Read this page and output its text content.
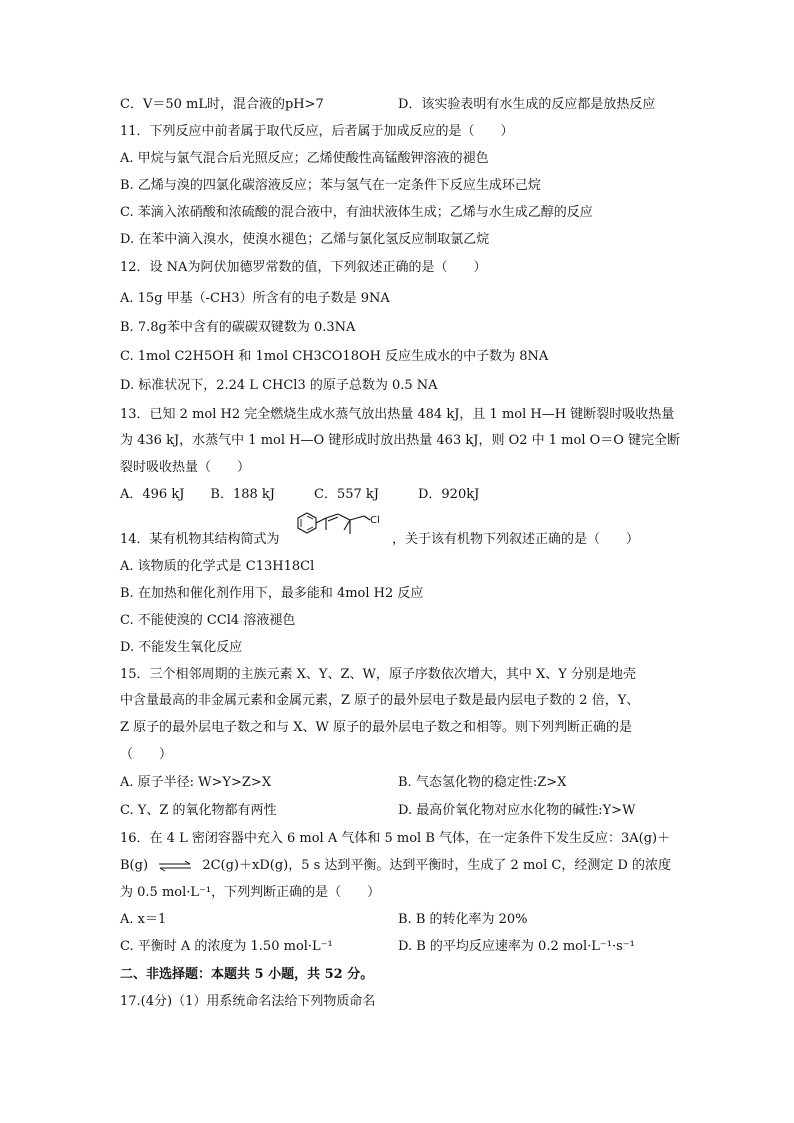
C．V＝50 mL时，混合液的pH>7	D．该实验表明有水生成的反应都是放热反应
11．下列反应中前者属于取代反应，后者属于加成反应的是（　　）
A. 甲烷与氯气混合后光照反应；乙烯使酸性高锰酸钾溶液的褪色
B. 乙烯与溴的四氯化碳溶液反应；苯与氢气在一定条件下反应生成环己烷
C. 苯滴入浓硝酸和浓硫酸的混合液中，有油状液体生成；乙烯与水生成乙醇的反应
D. 在苯中滴入溴水，使溴水褪色；乙烯与氯化氢反应制取氯乙烷
12．设 NA为阿伏加德罗常数的值，下列叙述正确的是（　　）
A. 15g 甲基（-CH3）所含有的电子数是 9NA
B. 7.8g苯中含有的碳碳双键数为 0.3NA
C. 1mol C2H5OH 和 1mol CH3CO18OH 反应生成水的中子数为 8NA
D. 标准状况下，2.24 L CHCl3 的原子总数为 0.5 NA
13．已知 2 mol H2 完全燃烧生成水蒸气放出热量 484 kJ，且 1 mol H—H 键断裂时吸收热量
为 436 kJ，水蒸气中 1 mol H—O 键形成时放出热量 463 kJ，则 O2 中 1 mol O＝O 键完全断
裂时吸收热量（　　）
A．496 kJ　　B．188 kJ　　　C．557 kJ　　　D．920kJ
14．某有机物其结构简式为
Cl
，关于该有机物下列叙述正确的是（　　）
A. 该物质的化学式是 C13H18Cl
B. 在加热和催化剂作用下，最多能和 4mol H2 反应
C. 不能使溴的 CCl4 溶液褪色
D. 不能发生氧化反应
15．三个相邻周期的主族元素 X、Y、Z、W，原子序数依次增大，其中 X、Y 分别是地壳
中含量最高的非金属元素和金属元素，Z 原子的最外层电子数是最内层电子数的 2 倍，Y、
Z 原子的最外层电子数之和与 X、W 原子的最外层电子数之和相等。则下列判断正确的是
（　　）
A. 原子半径: W>Y>Z>X	B. 气态氢化物的稳定性:Z>X
C. Y、Z 的氧化物都有两性	D. 最高价氧化物对应水化物的碱性:Y>W
16．在 4 L 密闭容器中充入 6 mol A 气体和 5 mol B 气体，在一定条件下发生反应：3A(g)＋
B(g) ⇌ 2C(g)＋xD(g)，5 s 达到平衡。达到平衡时，生成了 2 mol C，经测定 D 的浓度
为 0.5 mol·L⁻¹，下列判断正确的是（　　）
A. x＝1	B. B 的转化率为 20%
C. 平衡时 A 的浓度为 1.50 mol·L⁻¹	D. B 的平均反应速率为 0.2 mol·L⁻¹·s⁻¹
二、非选择题：本题共 5 小题，共 52 分。
17.(4分)（1）用系统命名法给下列物质命名
